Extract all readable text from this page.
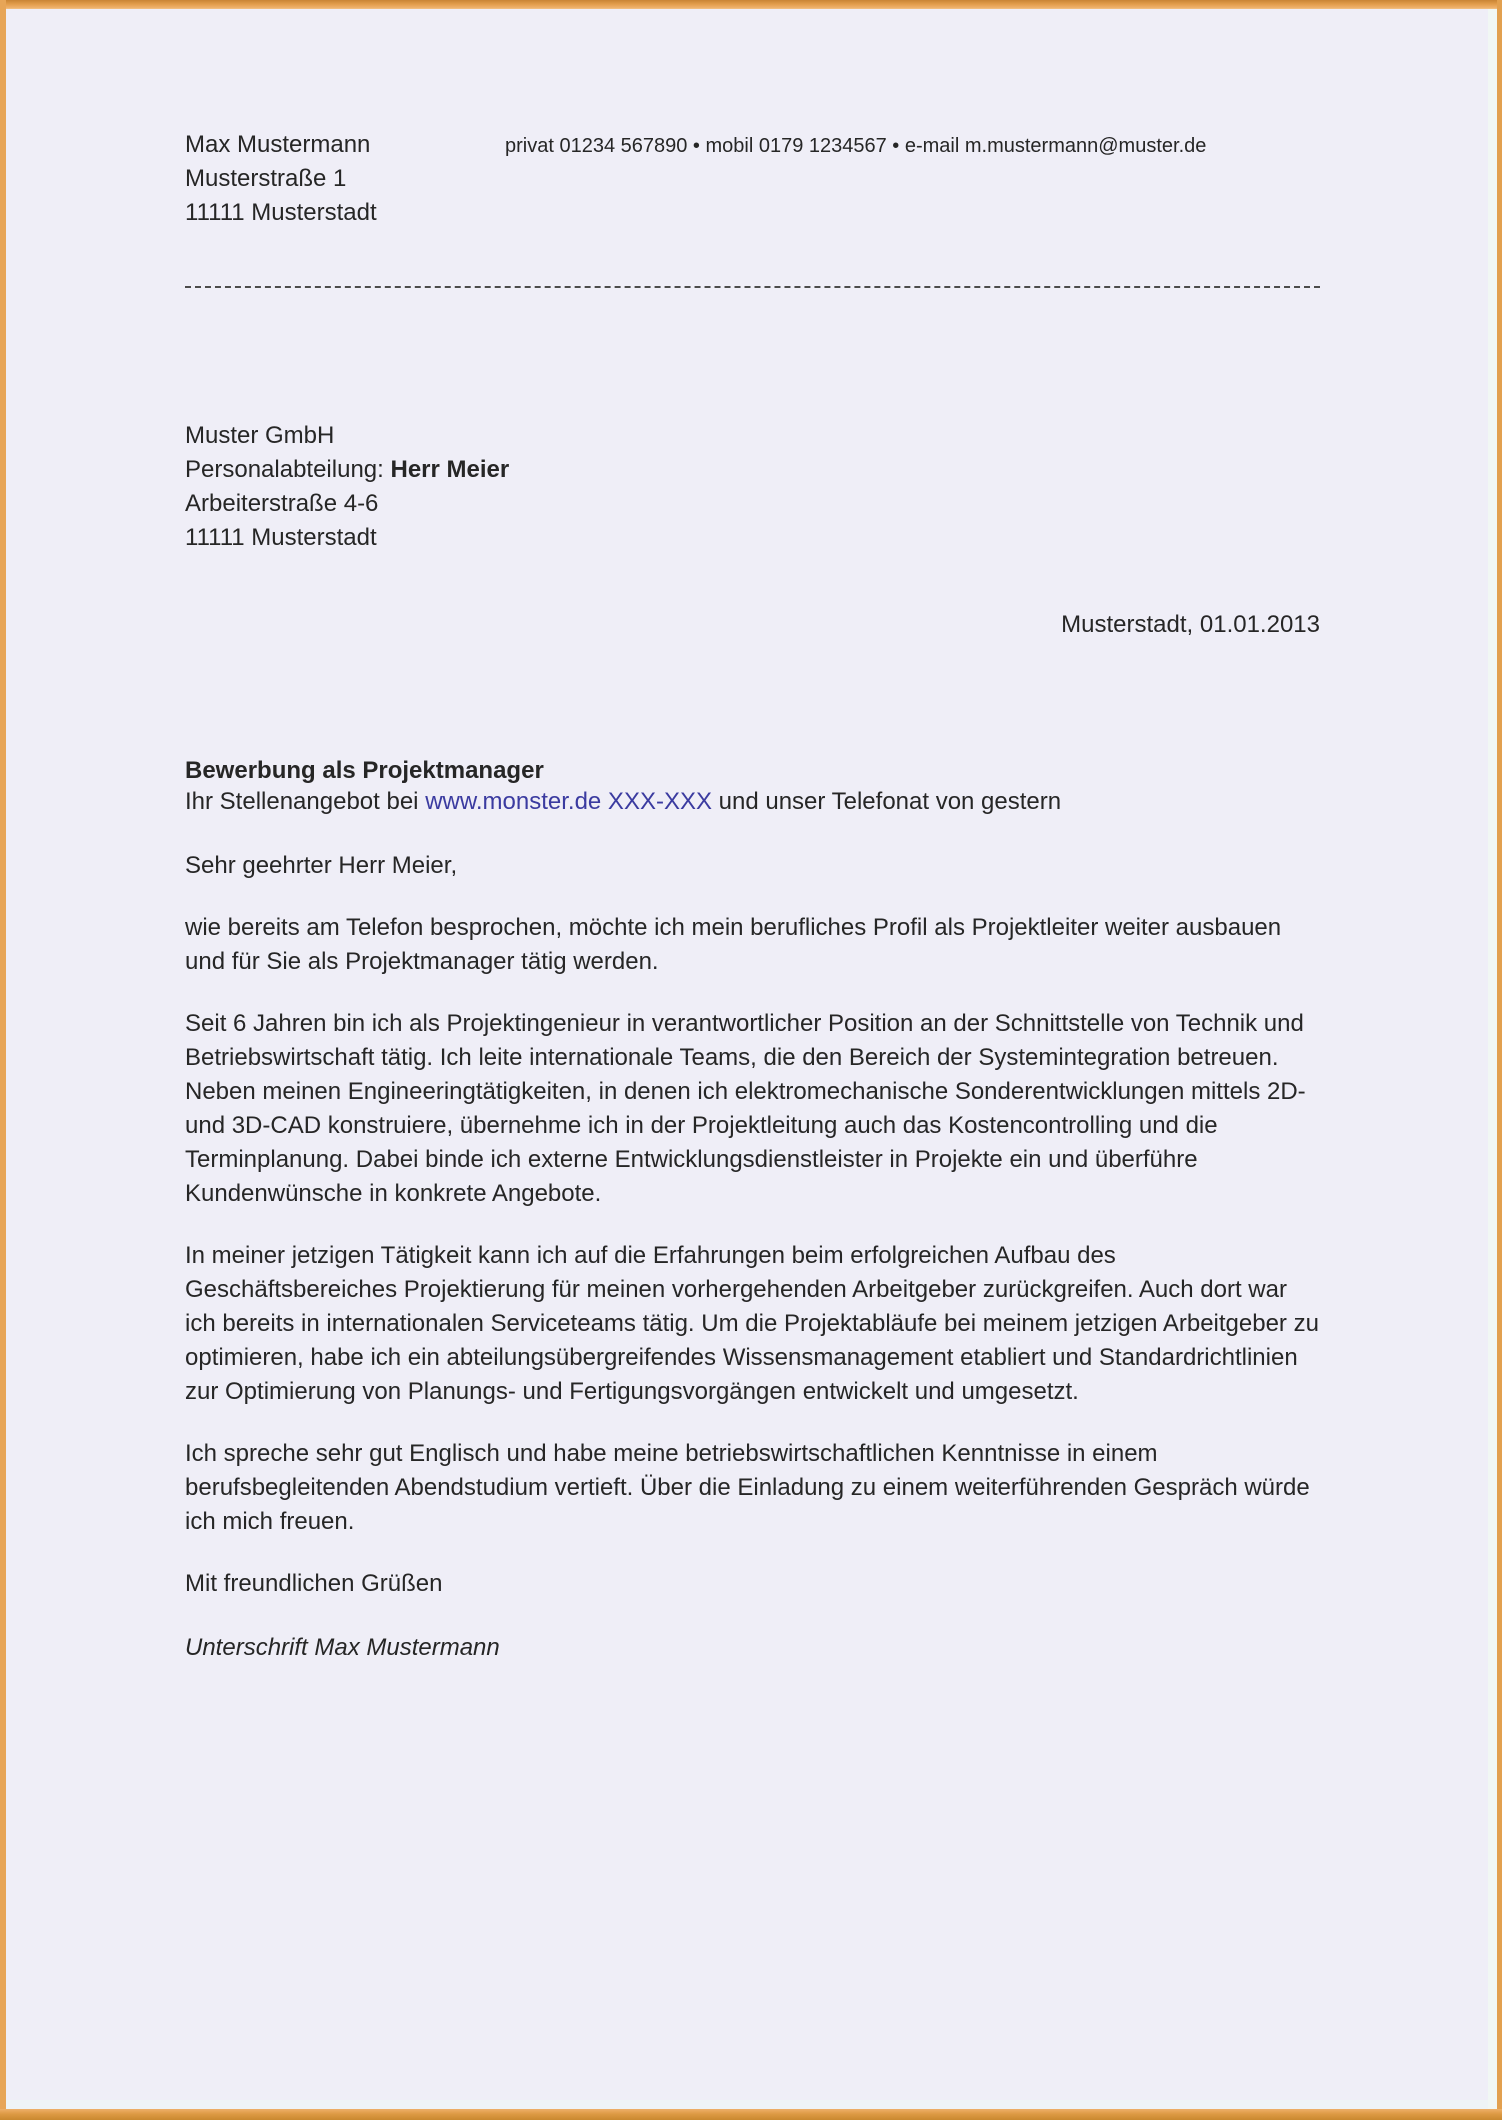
Max Mustermann
Musterstraße 1
11111 Musterstadt
privat 01234 567890 • mobil 0179 1234567 • e-mail m.mustermann@muster.de
Muster GmbH
Personalabteilung: Herr Meier
Arbeiterstraße 4-6
11111 Musterstadt
Musterstadt, 01.01.2013
Bewerbung als Projektmanager
Ihr Stellenangebot bei www.monster.de XXX-XXX und unser Telefonat von gestern

Sehr geehrter Herr Meier,

wie bereits am Telefon besprochen, möchte ich mein berufliches Profil als Projektleiter weiter ausbauen und für Sie als Projektmanager tätig werden.

Seit 6 Jahren bin ich als Projektingenieur in verantwortlicher Position an der Schnittstelle von Technik und Betriebswirtschaft tätig. Ich leite internationale Teams, die den Bereich der Systemintegration betreuen. Neben meinen Engineeringtätigkeiten, in denen ich elektromechanische Sonderentwicklungen mittels 2D- und 3D-CAD konstruiere, übernehme ich in der Projektleitung auch das Kostencontrolling und die Terminplanung. Dabei binde ich externe Entwicklungsdienstleister in Projekte ein und überführe Kundenwünsche in konkrete Angebote.

In meiner jetzigen Tätigkeit kann ich auf die Erfahrungen beim erfolgreichen Aufbau des Geschäftsbereiches Projektierung für meinen vorhergehenden Arbeitgeber zurückgreifen. Auch dort war ich bereits in internationalen Serviceteams tätig. Um die Projektabläufe bei meinem jetzigen Arbeitgeber zu optimieren, habe ich ein abteilungsübergreifendes Wissensmanagement etabliert und Standardrichtlinien zur Optimierung von Planungs- und Fertigungsvorgängen entwickelt und umgesetzt.

Ich spreche sehr gut Englisch und habe meine betriebswirtschaftlichen Kenntnisse in einem berufsbegleitenden Abendstudium vertieft. Über die Einladung zu einem weiterführenden Gespräch würde ich mich freuen.

Mit freundlichen Grüßen

Unterschrift Max Mustermann
